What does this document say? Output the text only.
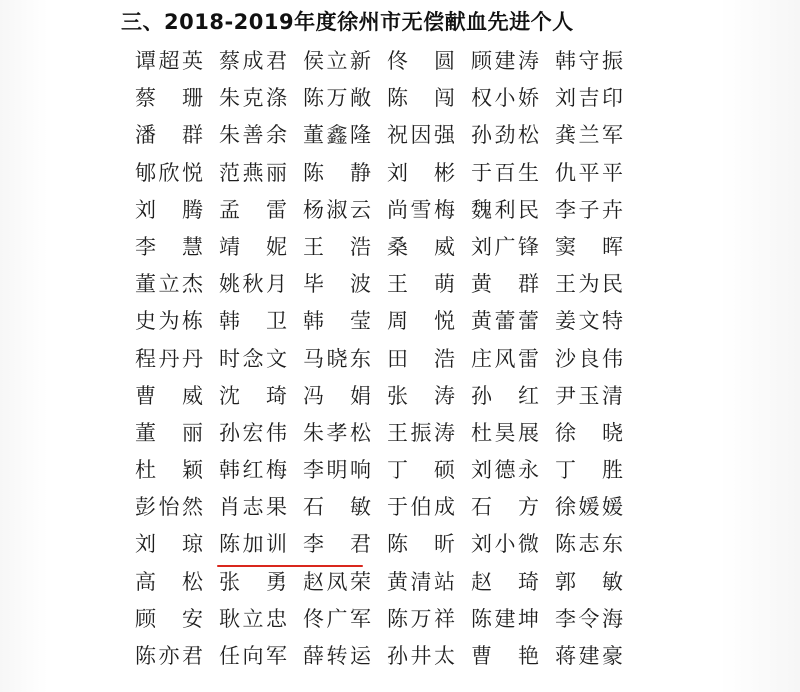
三、2018-2019年度徐州市无偿献血先进个人
谭超英 蔡成君 侯立新 佟 圆 顾建涛 韩守振
蔡 珊 朱克涤 陈万敞 陈 闯 权小娇 刘吉印
潘 群 朱善余 董鑫隆 祝因强 孙劲松 龚兰军
郇欣悦 范燕丽 陈 静 刘 彬 于百生 仇平平
刘 腾 孟 雷 杨淑云 尚雪梅 魏利民 李子卉
李 慧 靖 妮 王 浩 桑 威 刘广锋 窦 晖
董立杰 姚秋月 毕 波 王 萌 黄 群 王为民
史为栋 韩 卫 韩 莹 周 悦 黄蕾蕾 姜文特
程丹丹 时念文 马晓东 田 浩 庄风雷 沙良伟
曹 威 沈 琦 冯 娟 张 涛 孙 红 尹玉清
董 丽 孙宏伟 朱孝松 王振涛 杜昊展 徐 晓
杜 颖 韩红梅 李明响 丁 硕 刘德永 丁 胜
彭怡然 肖志果 石 敏 于伯成 石 方 徐媛媛
刘 琼 陈加训 李 君 陈 昕 刘小微 陈志东
高 松 张 勇 赵凤荣 黄清站 赵 琦 郭 敏
顾 安 耿立忠 佟广军 陈万祥 陈建坤 李令海
陈亦君 任向军 薛转运 孙井太 曹 艳 蒋建豪
